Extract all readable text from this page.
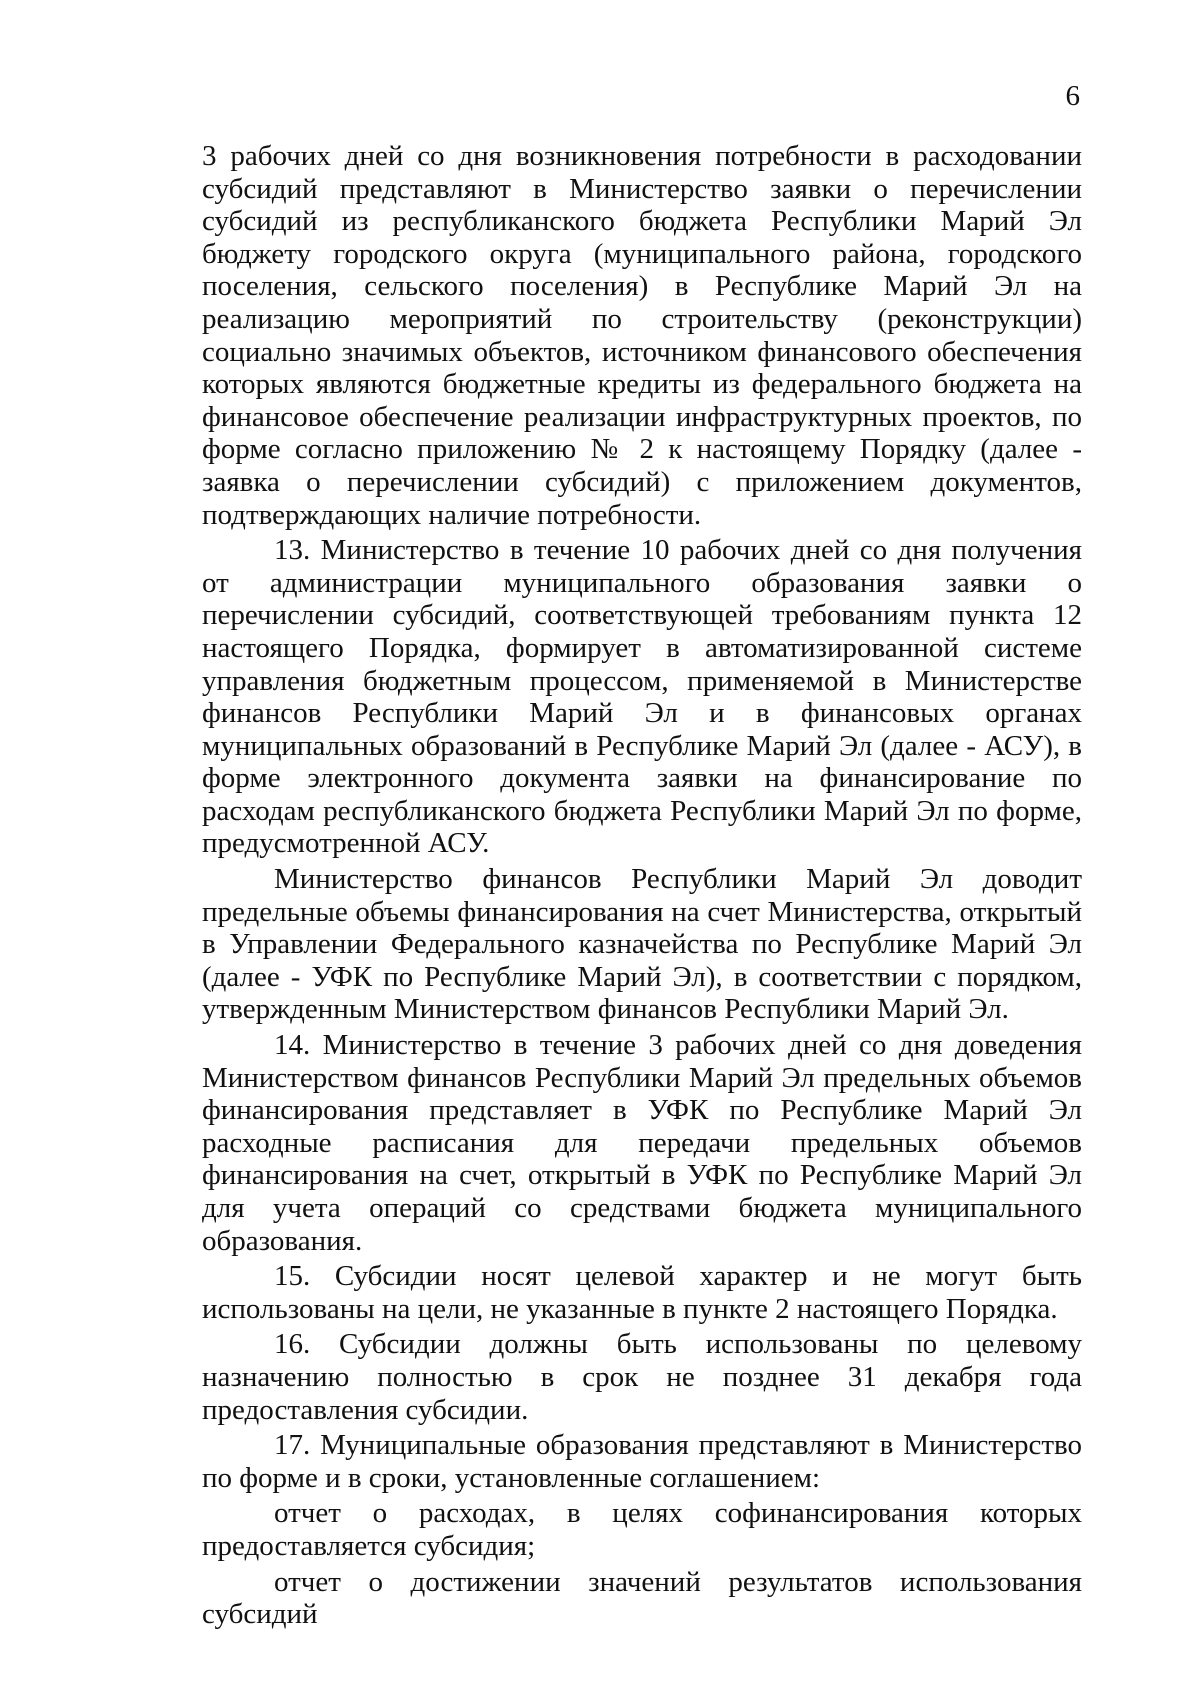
6

3 рабочих дней со дня возникновения потребности в расходовании субсидий представляют в Министерство заявки о перечислении субсидий из республиканского бюджета Республики Марий Эл бюджету городского округа (муниципального района, городского поселения, сельского поселения) в Республике Марий Эл на реализацию мероприятий по строительству (реконструкции) социально значимых объектов, источником финансового обеспечения которых являются бюджетные кредиты из федерального бюджета на финансовое обеспечение реализации инфраструктурных проектов, по форме согласно приложению № 2 к настоящему Порядку (далее - заявка о перечислении субсидий) с приложением документов, подтверждающих наличие потребности.

13. Министерство в течение 10 рабочих дней со дня получения от администрации муниципального образования заявки о перечислении субсидий, соответствующей требованиям пункта 12 настоящего Порядка, формирует в автоматизированной системе управления бюджетным процессом, применяемой в Министерстве финансов Республики Марий Эл и в финансовых органах муниципальных образований в Республике Марий Эл (далее - АСУ), в форме электронного документа заявки на финансирование по расходам республиканского бюджета Республики Марий Эл по форме, предусмотренной АСУ.

Министерство финансов Республики Марий Эл доводит предельные объемы финансирования на счет Министерства, открытый в Управлении Федерального казначейства по Республике Марий Эл (далее - УФК по Республике Марий Эл), в соответствии с порядком, утвержденным Министерством финансов Республики Марий Эл.

14. Министерство в течение 3 рабочих дней со дня доведения Министерством финансов Республики Марий Эл предельных объемов финансирования представляет в УФК по Республике Марий Эл расходные расписания для передачи предельных объемов финансирования на счет, открытый в УФК по Республике Марий Эл для учета операций со средствами бюджета муниципального образования.

15. Субсидии носят целевой характер и не могут быть использованы на цели, не указанные в пункте 2 настоящего Порядка.

16. Субсидии должны быть использованы по целевому назначению полностью в срок не позднее 31 декабря года предоставления субсидии.

17. Муниципальные образования представляют в Министерство по форме и в сроки, установленные соглашением:

отчет о расходах, в целях софинансирования которых предоставляется субсидия;

отчет о достижении значений результатов использования субсидий
